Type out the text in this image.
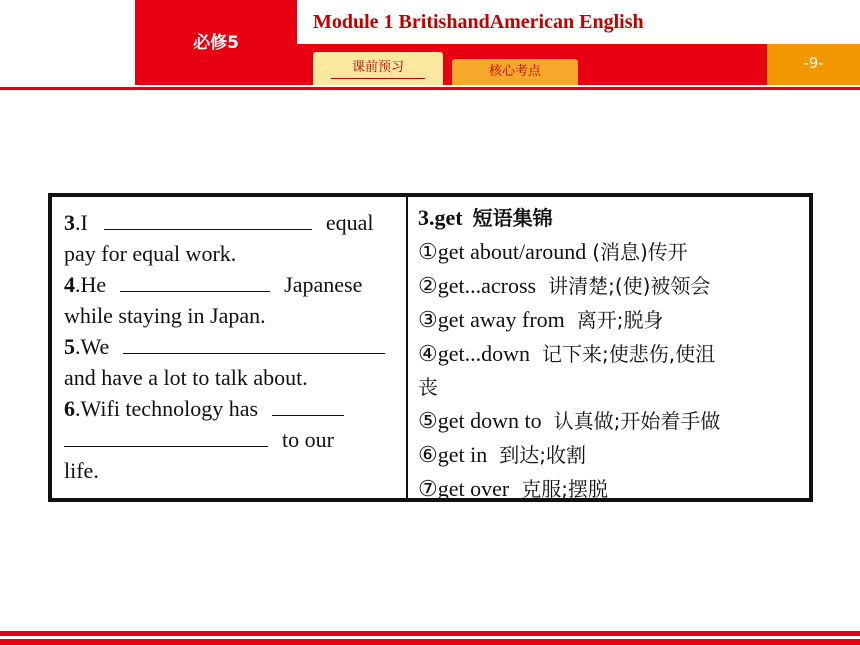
必修5
Module 1 BritishandAmerican English
-9-
课前预习	核心考点
3 .I	equal
pay for equal work.
4 .He	Japanese
while staying in Japan.
5 .We
and have a lot to talk about.
6 .Wifi technology has
to our
life.
3.get 短语集锦
① get about/around (消息)传开
② get...across 讲清楚;(使)被领会
③ get away from 离开;脱身
④ get...down 记下来;使悲伤,使沮
丧
⑤ get down to 认真做;开始着手做
⑥ get in 到达;收割
⑦ get over 克服;摆脱
